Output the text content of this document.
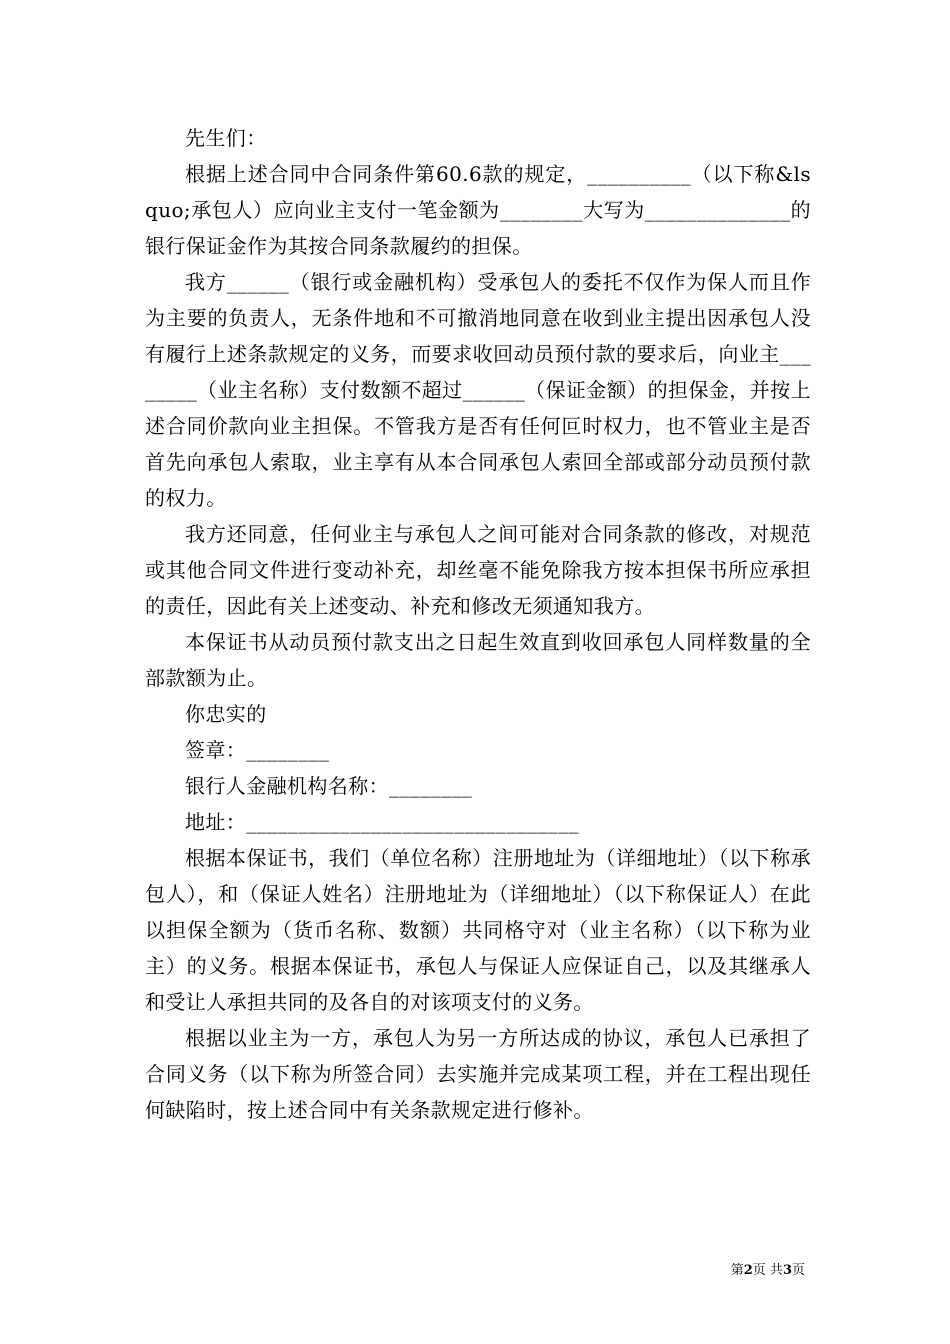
先生们：

根据上述合同中合同条件第60.6款的规定，__________（以下称&lsquo;承包人）应向业主支付一笔金额为________大写为______________的银行保证金作为其按合同条款履约的担保。

我方______（银行或金融机构）受承包人的委托不仅作为保人而且作为主要的负责人，无条件地和不可撤消地同意在收到业主提出因承包人没有履行上述条款规定的义务，而要求收回动员预付款的要求后，向业主________（业主名称）支付数额不超过______（保证金额）的担保金，并按上述合同价款向业主担保。不管我方是否有任何叵时权力，也不管业主是否首先向承包人索取，业主享有从本合同承包人索回全部或部分动员预付款的权力。

我方还同意，任何业主与承包人之间可能对合同条款的修改，对规范或其他合同文件进行变动补充，却丝毫不能免除我方按本担保书所应承担的责任，因此有关上述变动、补充和修改无须通知我方。

本保证书从动员预付款支出之日起生效直到收回承包人同样数量的全部款额为止。

你忠实的

签章：________

银行人金融机构名称：________

地址：________________________________

根据本保证书，我们（单位名称）注册地址为（详细地址）（以下称承包人），和（保证人姓名）注册地址为（详细地址）（以下称保证人）在此以担保全额为（货币名称、数额）共同格守对（业主名称）（以下称为业主）的义务。根据本保证书，承包人与保证人应保证自己，以及其继承人和受让人承担共同的及各自的对该项支付的义务。

根据以业主为一方，承包人为另一方所达成的协议，承包人已承担了合同义务（以下称为所签合同）去实施并完成某项工程，并在工程出现任何缺陷时，按上述合同中有关条款规定进行修补。

第2页 共3页
